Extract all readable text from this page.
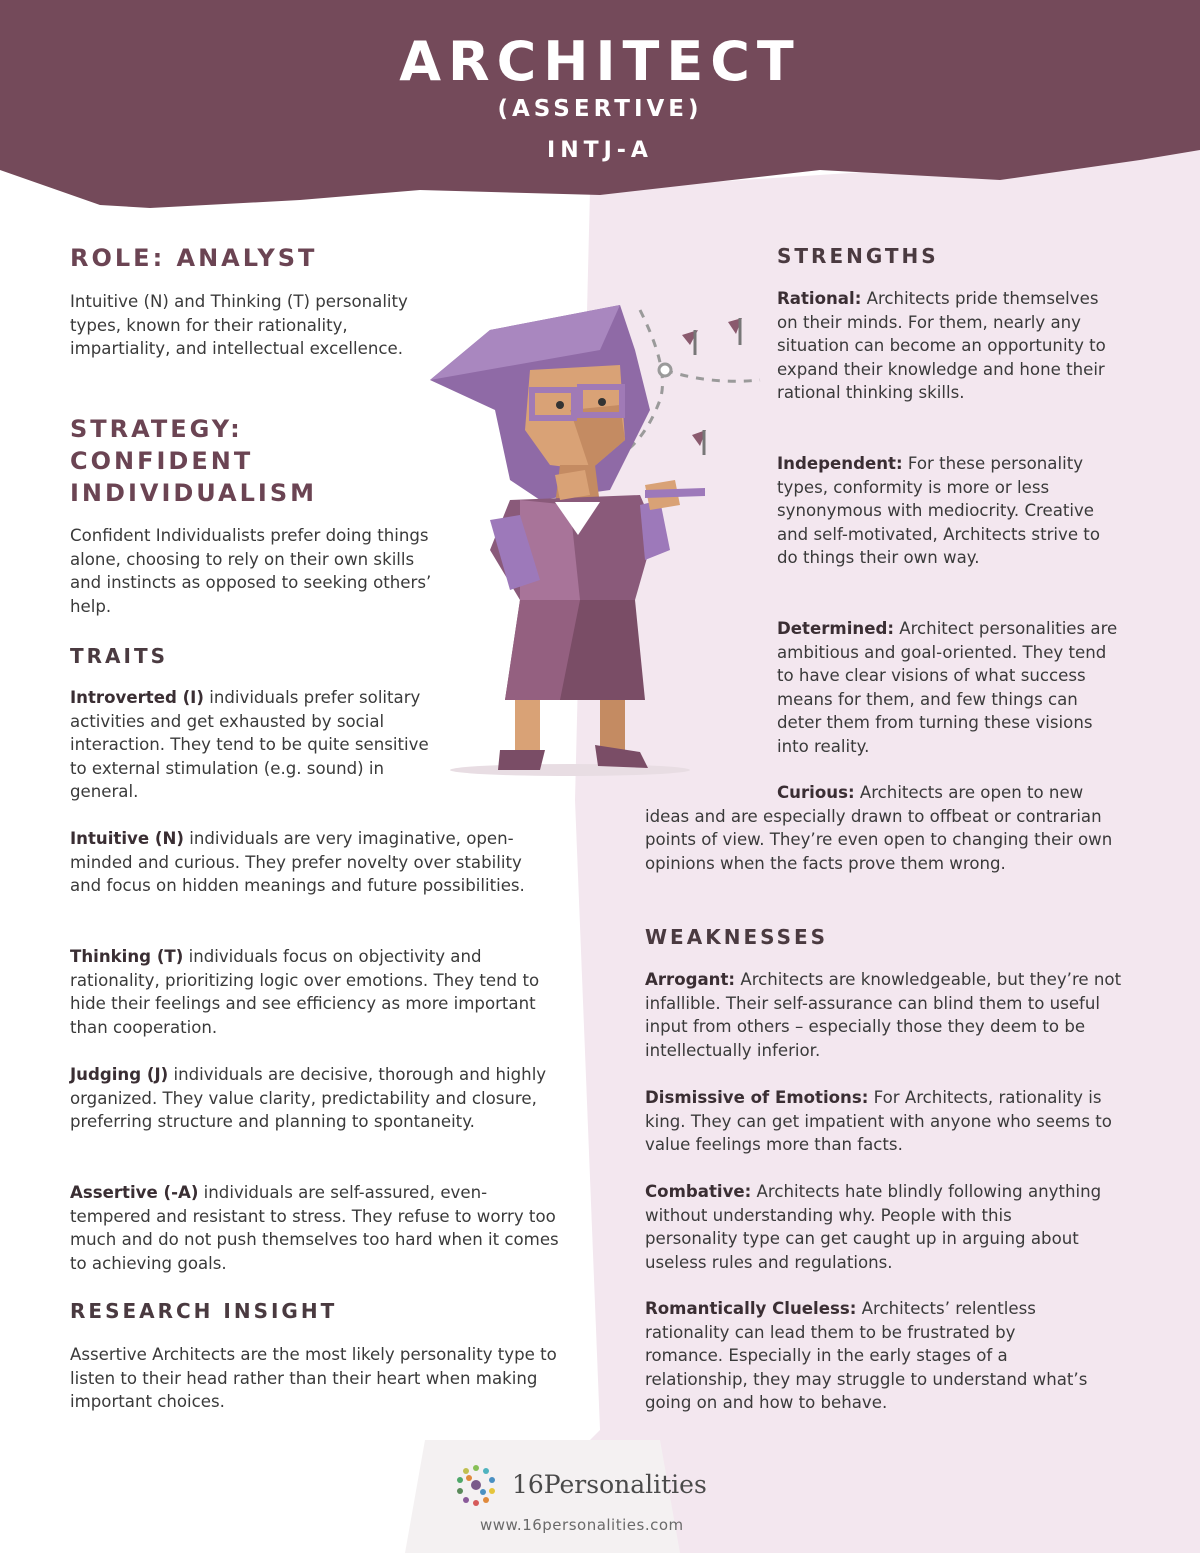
ARCHITECT
(ASSERTIVE)
INTJ-A
ROLE: ANALYST

Intuitive (N) and Thinking (T) personality types, known for their rationality, impartiality, and intellectual excellence.

STRATEGY:
CONFIDENT
INDIVIDUALISM

Confident Individualists prefer doing things alone, choosing to rely on their own skills and instincts as opposed to seeking others’ help.

TRAITS

Introverted (I) individuals prefer solitary activities and get exhausted by social interaction. They tend to be quite sensitive to external stimulation (e.g. sound) in general.

Intuitive (N) individuals are very imaginative, open-minded and curious. They prefer novelty over stability and focus on hidden meanings and future possibilities.

Thinking (T) individuals focus on objectivity and rationality, prioritizing logic over emotions. They tend to hide their feelings and see efficiency as more important than cooperation.

Judging (J) individuals are decisive, thorough and highly organized. They value clarity, predictability and closure, preferring structure and planning to spontaneity.

Assertive (-A) individuals are self-assured, even-tempered and resistant to stress. They refuse to worry too much and do not push themselves too hard when it comes to achieving goals.

RESEARCH INSIGHT

Assertive Architects are the most likely personality type to listen to their head rather than their heart when making important choices.

STRENGTHS

Rational: Architects pride themselves on their minds. For them, nearly any situation can become an opportunity to expand their knowledge and hone their rational thinking skills.

Independent: For these personality types, conformity is more or less synonymous with mediocrity. Creative and self-motivated, Architects strive to do things their own way.

Determined: Architect personalities are ambitious and goal-oriented. They tend to have clear visions of what success means for them, and few things can deter them from turning these visions into reality.

Curious: Architects are open to new ideas and are especially drawn to offbeat or contrarian points of view. They’re even open to changing their own opinions when the facts prove them wrong.

WEAKNESSES

Arrogant: Architects are knowledgeable, but they’re not infallible. Their self-assurance can blind them to useful input from others – especially those they deem to be intellectually inferior.

Dismissive of Emotions: For Architects, rationality is king. They can get impatient with anyone who seems to value feelings more than facts.

Combative: Architects hate blindly following anything without understanding why. People with this personality type can get caught up in arguing about useless rules and regulations.

Romantically Clueless: Architects’ relentless rationality can lead them to be frustrated by romance. Especially in the early stages of a relationship, they may struggle to understand what’s going on and how to behave.

16Personalities
www.16personalities.com
